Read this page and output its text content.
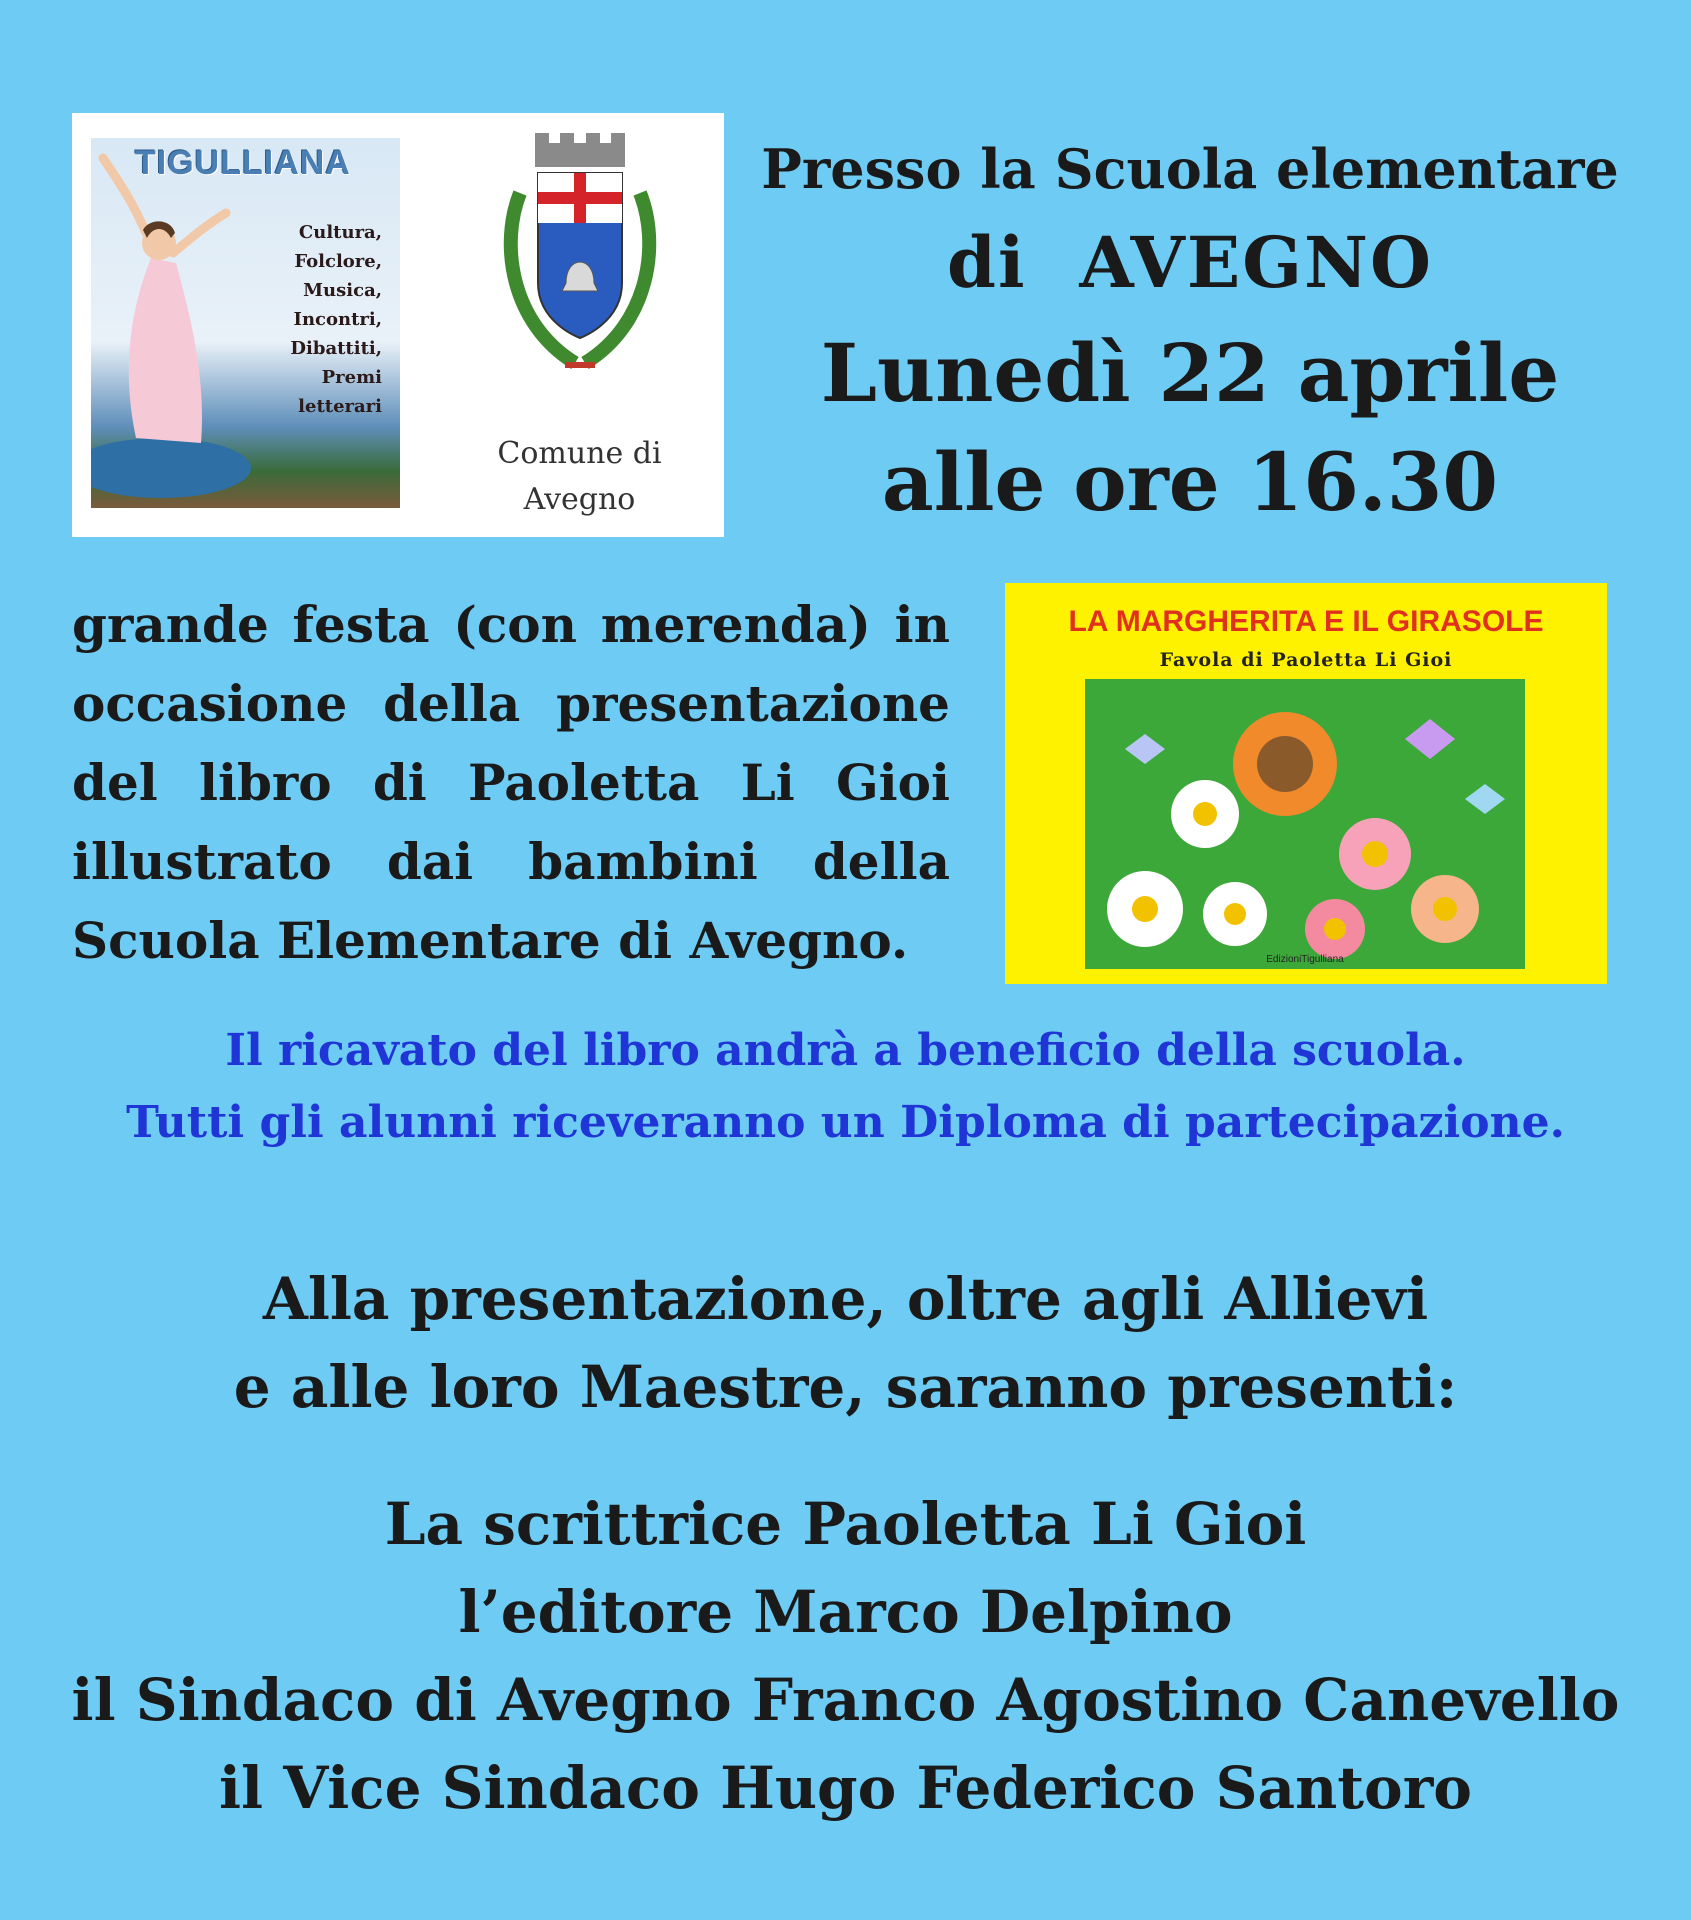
TIGULLIANA
Cultura,
Folclore,
Musica,
Incontri,
Dibattiti,
Premi
letterari
Comune di
Avegno
Presso la Scuola elementare
di  AVEGNO
Lunedì 22 aprile
alle ore 16.30
grande festa (con merenda) in occasione della presentazione del libro di Paoletta Li Gioi illustrato dai bambini della Scuola Elementare di Avegno.
LA MARGHERITA E IL GIRASOLE
Favola di Paoletta Li Gioi
EdizioniTigulliana
Il ricavato del libro andrà a beneficio della scuola.
Tutti gli alunni riceveranno un Diploma di partecipazione.
Alla presentazione, oltre agli Allievi
e alle loro Maestre, saranno presenti:
La scrittrice Paoletta Li Gioi
l’editore Marco Delpino
il Sindaco di Avegno Franco Agostino Canevello
il Vice Sindaco Hugo Federico Santoro
